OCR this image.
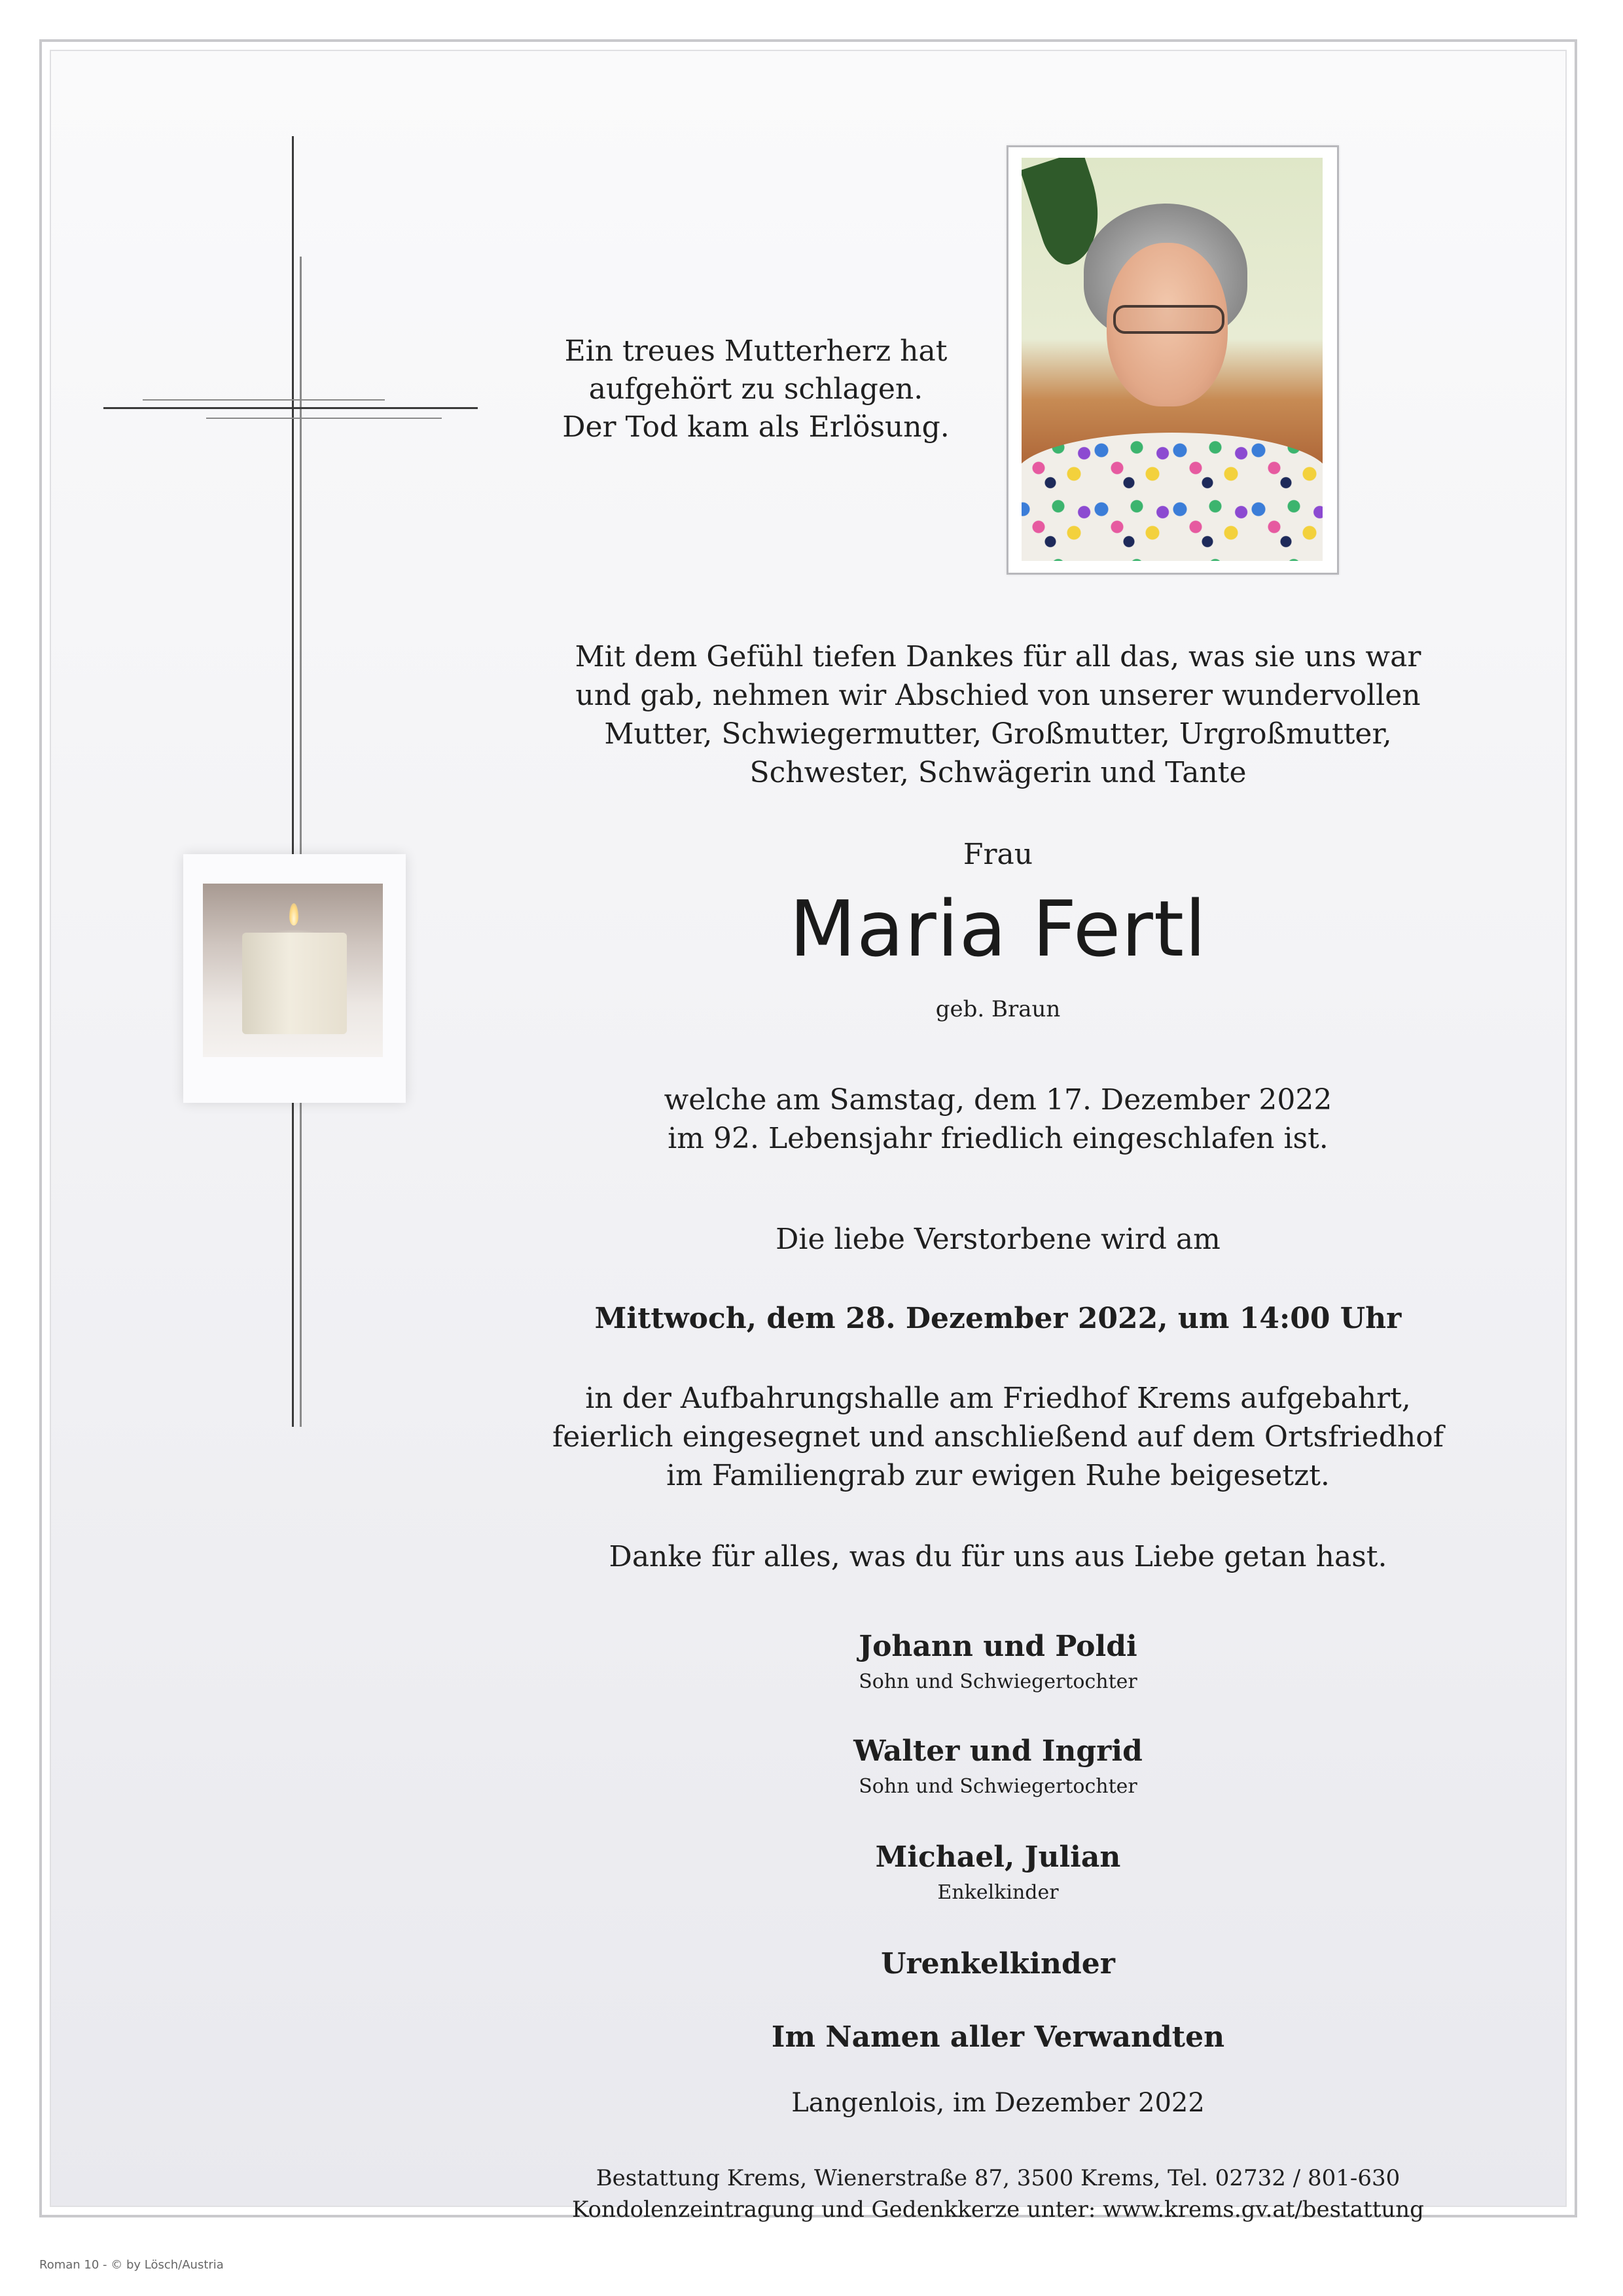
Ein treues Mutterherz hat
aufgehört zu schlagen.
Der Tod kam als Erlösung.
Mit dem Gefühl tiefen Dankes für all das, was sie uns war
und gab, nehmen wir Abschied von unserer wundervollen
Mutter, Schwiegermutter, Großmutter, Urgroßmutter,
Schwester, Schwägerin und Tante
Frau
Maria Fertl
geb. Braun
welche am Samstag, dem 17. Dezember 2022
im 92. Lebensjahr friedlich eingeschlafen ist.
Die liebe Verstorbene wird am
Mittwoch, dem 28. Dezember 2022, um 14:00 Uhr
in der Aufbahrungshalle am Friedhof Krems aufgebahrt,
feierlich eingesegnet und anschließend auf dem Ortsfriedhof
im Familiengrab zur ewigen Ruhe beigesetzt.
Danke für alles, was du für uns aus Liebe getan hast.
Johann und Poldi
Sohn und Schwiegertochter
Walter und Ingrid
Sohn und Schwiegertochter
Michael, Julian
Enkelkinder
Urenkelkinder
Im Namen aller Verwandten
Langenlois, im Dezember 2022
Bestattung Krems, Wienerstraße 87, 3500 Krems, Tel. 02732 / 801-630
Kondolenzeintragung und Gedenkkerze unter: www.krems.gv.at/bestattung
Roman 10 - © by Lösch/Austria
